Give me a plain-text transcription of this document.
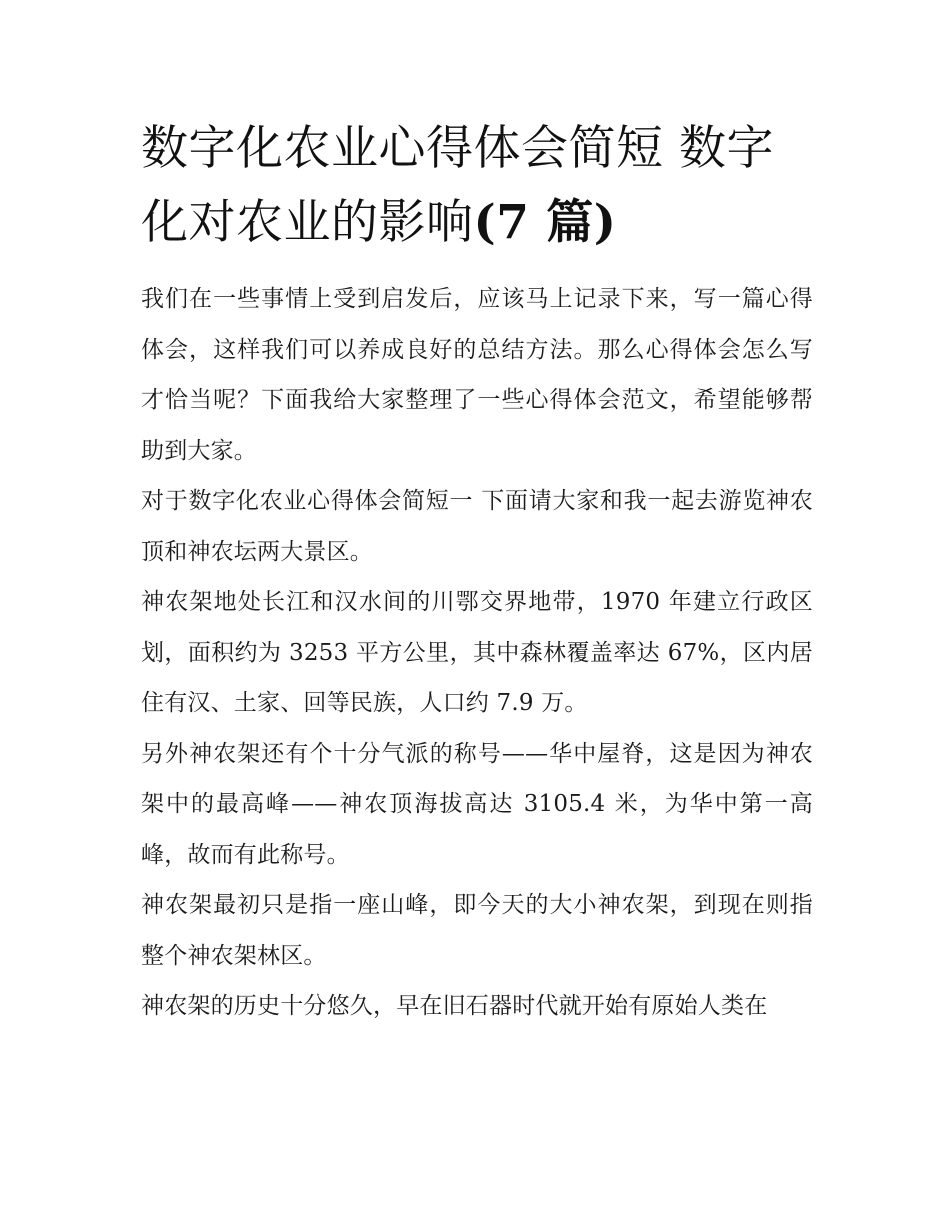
数字化农业心得体会简短 数字化对农业的影响(7 篇)

我们在一些事情上受到启发后，应该马上记录下来，写一篇心得体会，这样我们可以养成良好的总结方法。那么心得体会怎么写才恰当呢？下面我给大家整理了一些心得体会范文，希望能够帮助到大家。

对于数字化农业心得体会简短一 下面请大家和我一起去游览神农顶和神农坛两大景区。

神农架地处长江和汉水间的川鄂交界地带，1970 年建立行政区划，面积约为 3253 平方公里，其中森林覆盖率达 67%，区内居住有汉、土家、回等民族，人口约 7.9 万。

另外神农架还有个十分气派的称号——华中屋脊，这是因为神农架中的最高峰——神农顶海拔高达 3105.4 米，为华中第一高峰，故而有此称号。

神农架最初只是指一座山峰，即今天的大小神农架，到现在则指整个神农架林区。

神农架的历史十分悠久，早在旧石器时代就开始有原始人类在
